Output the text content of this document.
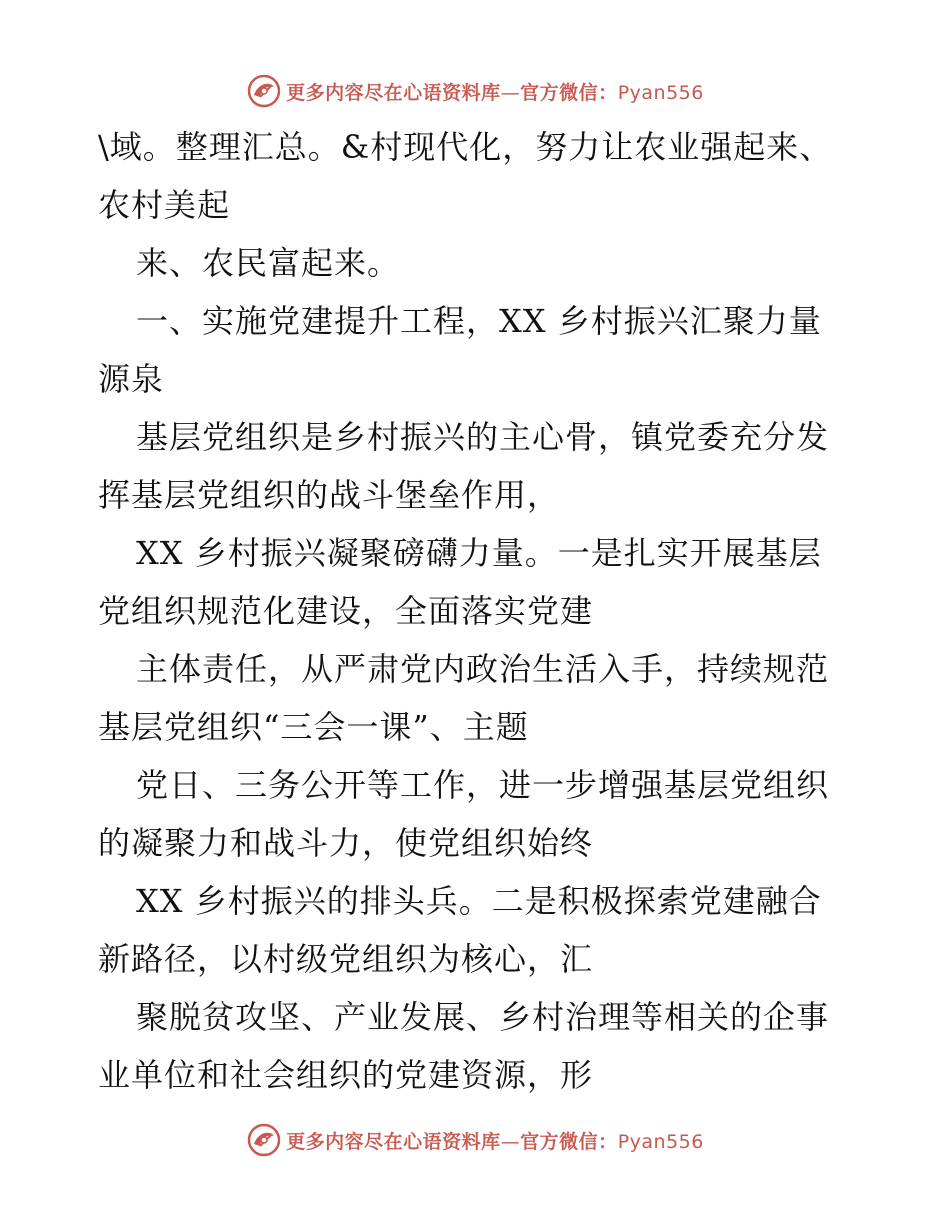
更多内容尽在心语资料库—官方微信：Pyan556
\域。整理汇总。&村现代化，努力让农业强起来、
农村美起
来、农民富起来。
一、实施党建提升工程，XX 乡村振兴汇聚力量
源泉
基层党组织是乡村振兴的主心骨，镇党委充分发
挥基层党组织的战斗堡垒作用，
XX 乡村振兴凝聚磅礴力量。一是扎实开展基层
党组织规范化建设，全面落实党建
主体责任，从严肃党内政治生活入手，持续规范
基层党组织“三会一课”、主题
党日、三务公开等工作，进一步增强基层党组织
的凝聚力和战斗力，使党组织始终
XX 乡村振兴的排头兵。二是积极探索党建融合
新路径，以村级党组织为核心，汇
聚脱贫攻坚、产业发展、乡村治理等相关的企事
业单位和社会组织的党建资源，形
更多内容尽在心语资料库—官方微信：Pyan556
